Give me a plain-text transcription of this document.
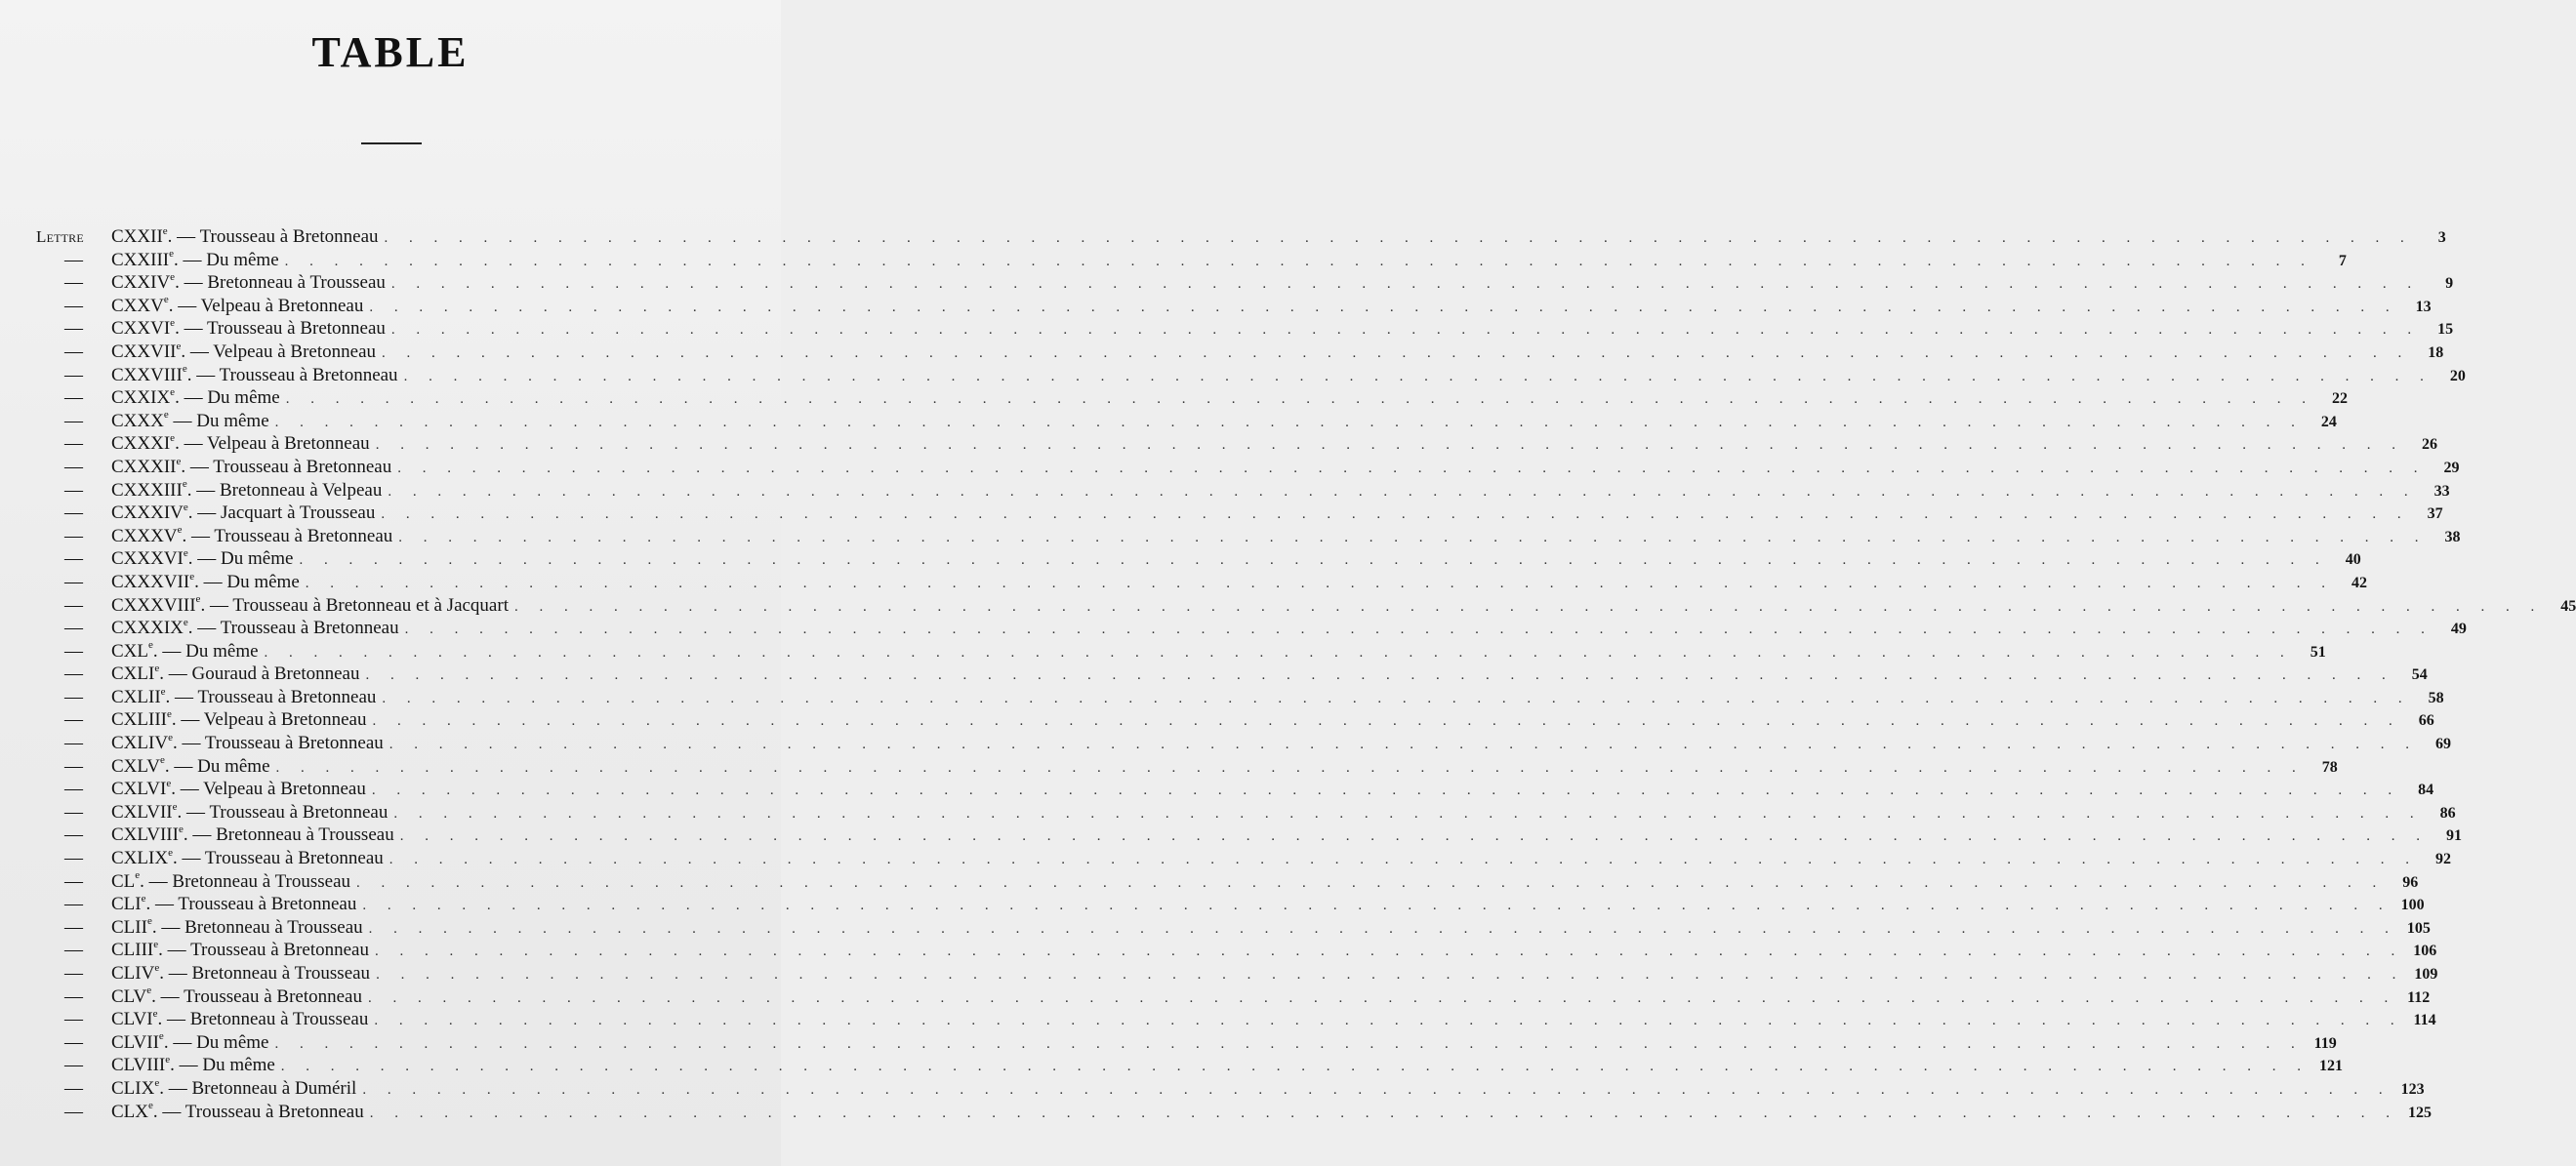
TABLE
Lettre	CXXIIe. — Trousseau à Bretonneau . . .	3
—	CXXIIIe. — Du même . . .	7
—	CXXIVe. — Bretonneau à Trousseau . . .	9
—	CXXVe. — Velpeau à Bretonneau . . .	13
—	CXXVIe. — Trousseau à Bretonneau . . .	15
—	CXXVIIe. — Velpeau à Bretonneau . . .	18
—	CXXVIIIe. — Trousseau à Bretonneau . . .	20
—	CXXIXe. — Du même . . .	22
—	CXXXe — Du même . . .	24
—	CXXXIe. — Velpeau à Bretonneau . . .	26
—	CXXXIIe. — Trousseau à Bretonneau . . .	29
—	CXXXIIIe. — Bretonneau à Velpeau . . .	33
—	CXXXIVe. — Jacquart à Trousseau . . .	37
—	CXXXVe. — Trousseau à Bretonneau . . .	38
—	CXXXVIe. — Du même . . .	40
—	CXXXVIIe. — Du même . . .	42
—	CXXXVIIIe. — Trousseau à Bretonneau et à Jacquart . . .	45
—	CXXXIXe. — Trousseau à Bretonneau . . .	49
—	CXLe. — Du même . . .	51
—	CXLIe. — Gouraud à Bretonneau . . .	54
—	CXLIIe. — Trousseau à Bretonneau . . .	58
—	CXLIIIe. — Velpeau à Bretonneau . . .	66
—	CXLIVe. — Trousseau à Bretonneau . . .	69
—	CXLVe. — Du même . . .	78
—	CXLVIe. — Velpeau à Bretonneau . . .	84
—	CXLVIIe. — Trousseau à Bretonneau . . .	86
—	CXLVIIIe. — Bretonneau à Trousseau . . .	91
—	CXLIXe. — Trousseau à Bretonneau . . .	92
—	CLe. — Bretonneau à Trousseau . . .	96
—	CLIe. — Trousseau à Bretonneau . . .	100
—	CLIIe. — Bretonneau à Trousseau . . .	105
—	CLIIIe. — Trousseau à Bretonneau . . .	106
—	CLIVe. — Bretonneau à Trousseau . . .	109
—	CLVe. — Trousseau à Bretonneau . . .	112
—	CLVIe. — Bretonneau à Trousseau . . .	114
—	CLVIIe. — Du même . . .	119
—	CLVIIIe. — Du même . . .	121
—	CLIXe. — Bretonneau à Duméril . . .	123
—	CLXe. — Trousseau à Bretonneau . . .	125
